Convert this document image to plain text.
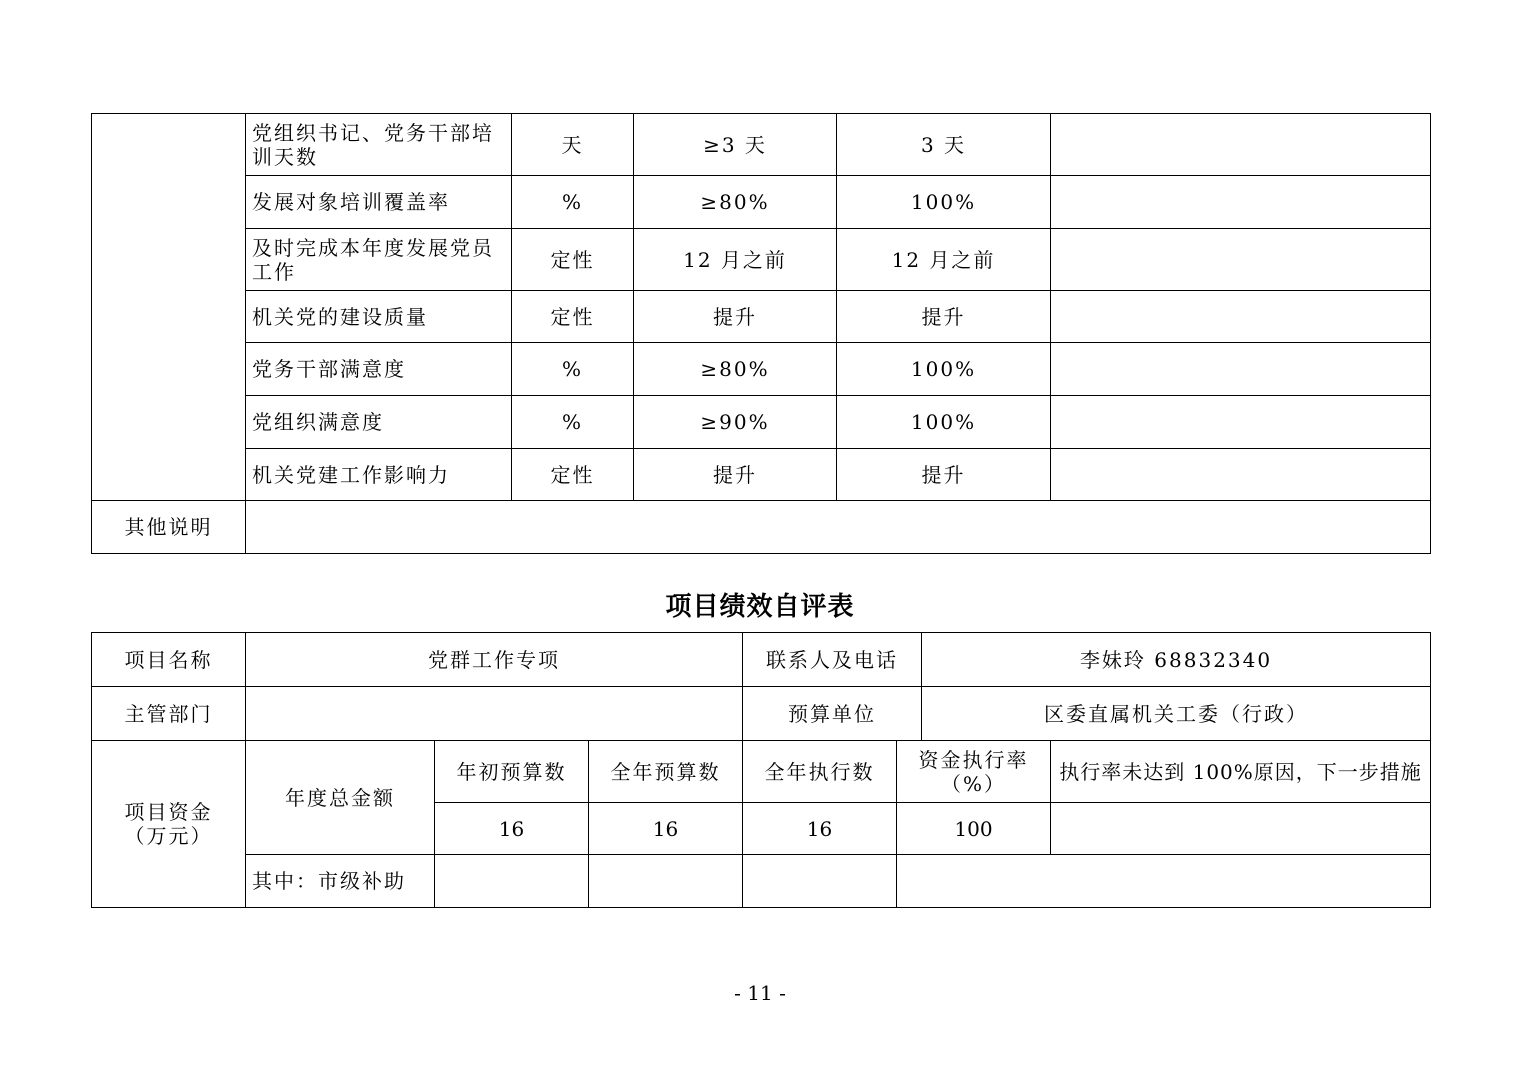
	党组织书记、党务干部培训天数	天	≥3 天	3 天	
	发展对象培训覆盖率	%	≥80%	100%	
	及时完成本年度发展党员工作	定性	12 月之前	12 月之前	
	机关党的建设质量	定性	提升	提升	
	党务干部满意度	%	≥80%	100%	
	党组织满意度	%	≥90%	100%	
	机关党建工作影响力	定性	提升	提升	
其他说明					
项目绩效自评表
项目名称	党群工作专项			联系人及电话 李妹玲 68832340		

主管部门				预算单位 区委直属机关工委（行政）		

项目资金（万元）	年度总金额	年初预算数	全年预算数	全年执行数	资金执行率（%）	执行率未达到 100%原因，下一步措施
		16	16	16	100	
	其中：市级补助					
- 11 -
